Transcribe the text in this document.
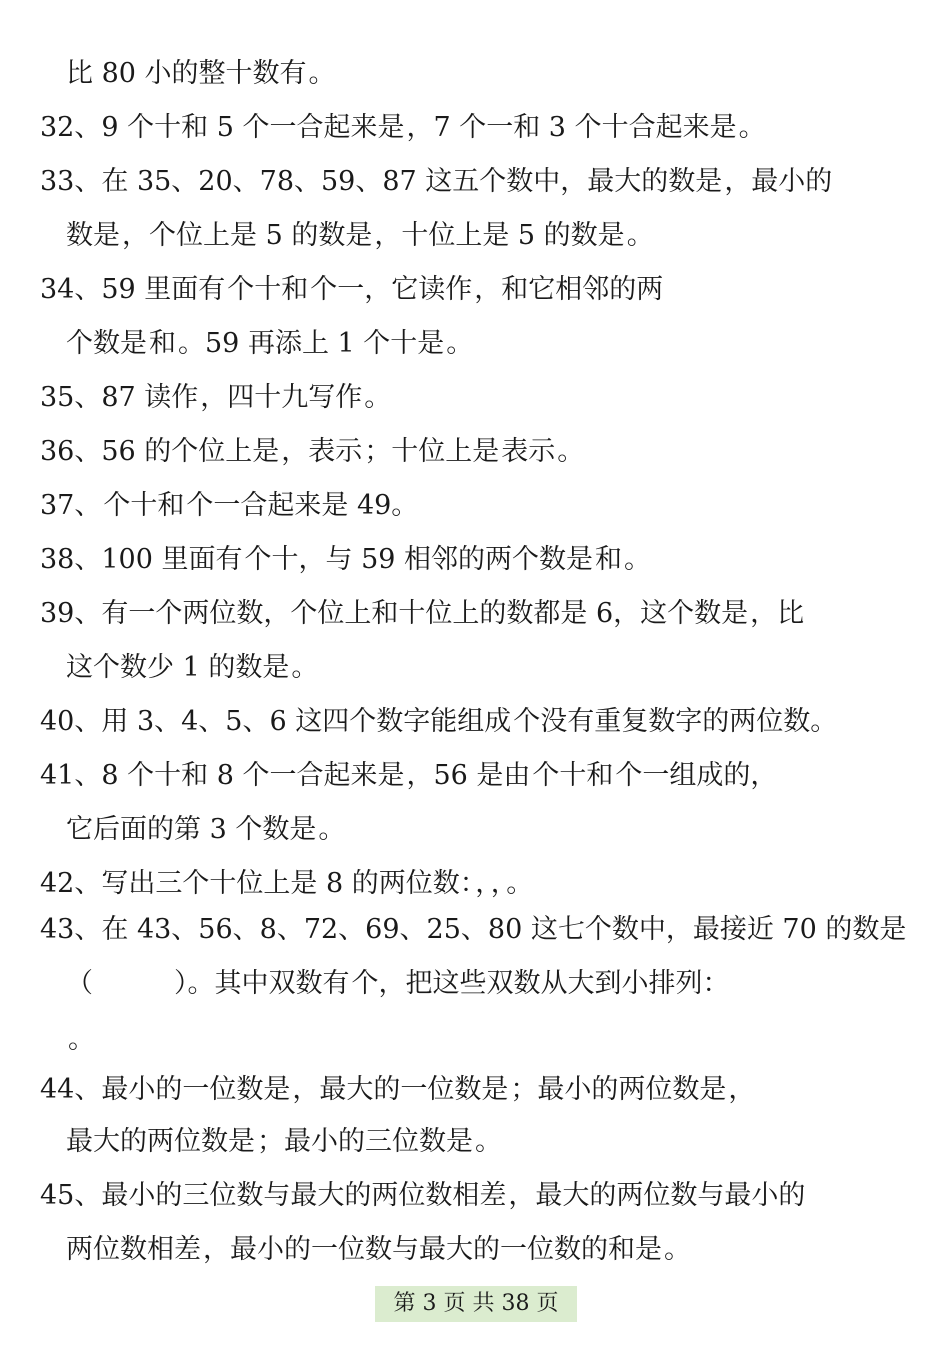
比 80 小的整十数有。
32、9 个十和 5 个一合起来是，7 个一和 3 个十合起来是。
33、在 35、20、78、59、87 这五个数中，最大的数是，最小的
数是，个位上是 5 的数是，十位上是 5 的数是。
34、59 里面有个十和个一，它读作，和它相邻的两
个数是和。59 再添上 1 个十是。
35、87 读作，四十九写作。
36、56 的个位上是，表示；十位上是表示。
37、个十和个一合起来是 49。
38、100 里面有个十，与 59 相邻的两个数是和。
39、有一个两位数，个位上和十位上的数都是 6，这个数是，比
这个数少 1 的数是。
40、用 3、4、5、6 这四个数字能组成个没有重复数字的两位数。
41、8 个十和 8 个一合起来是，56 是由个十和个一组成的，
它后面的第 3 个数是。
42、写出三个十位上是 8 的两位数：，，。
43、在 43、56、8、72、69、25、80 这七个数中，最接近 70 的数是
（　　　）。其中双数有个，把这些双数从大到小排列：
。
44、最小的一位数是，最大的一位数是；最小的两位数是，
最大的两位数是；最小的三位数是。
45、最小的三位数与最大的两位数相差，最大的两位数与最小的
两位数相差，最小的一位数与最大的一位数的和是。
第 3 页 共 38 页
